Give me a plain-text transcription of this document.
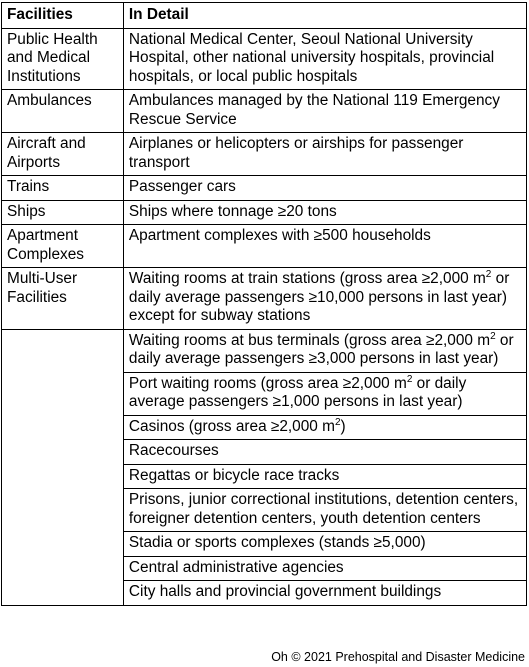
Facilities	In Detail
Public Health and Medical Institutions	National Medical Center, Seoul National University Hospital, other national university hospitals, provincial hospitals, or local public hospitals
Ambulances	Ambulances managed by the National 119 Emergency Rescue Service
Aircraft and Airports	Airplanes or helicopters or airships for passenger transport
Trains	Passenger cars
Ships	Ships where tonnage ≥20 tons
Apartment Complexes	Apartment complexes with ≥500 households
Multi-User Facilities	Waiting rooms at train stations (gross area ≥2,000 $m^2$ or daily average passengers ≥10,000 persons in last year) except for subway stations
	Waiting rooms at bus terminals (gross area ≥2,000 $m^2$ or daily average passengers ≥3,000 persons in last year)
	Port waiting rooms (gross area ≥2,000 $m^2$ or daily average passengers ≥1,000 persons in last year)
	Casinos (gross area ≥2,000 $m^2$)
	Racecourses
	Regattas or bicycle race tracks
	Prisons, junior correctional institutions, detention centers, foreigner detention centers, youth detention centers
	Stadia or sports complexes (stands ≥5,000)
	Central administrative agencies
	City halls and provincial government buildings
Oh © 2021 Prehospital and Disaster Medicine
